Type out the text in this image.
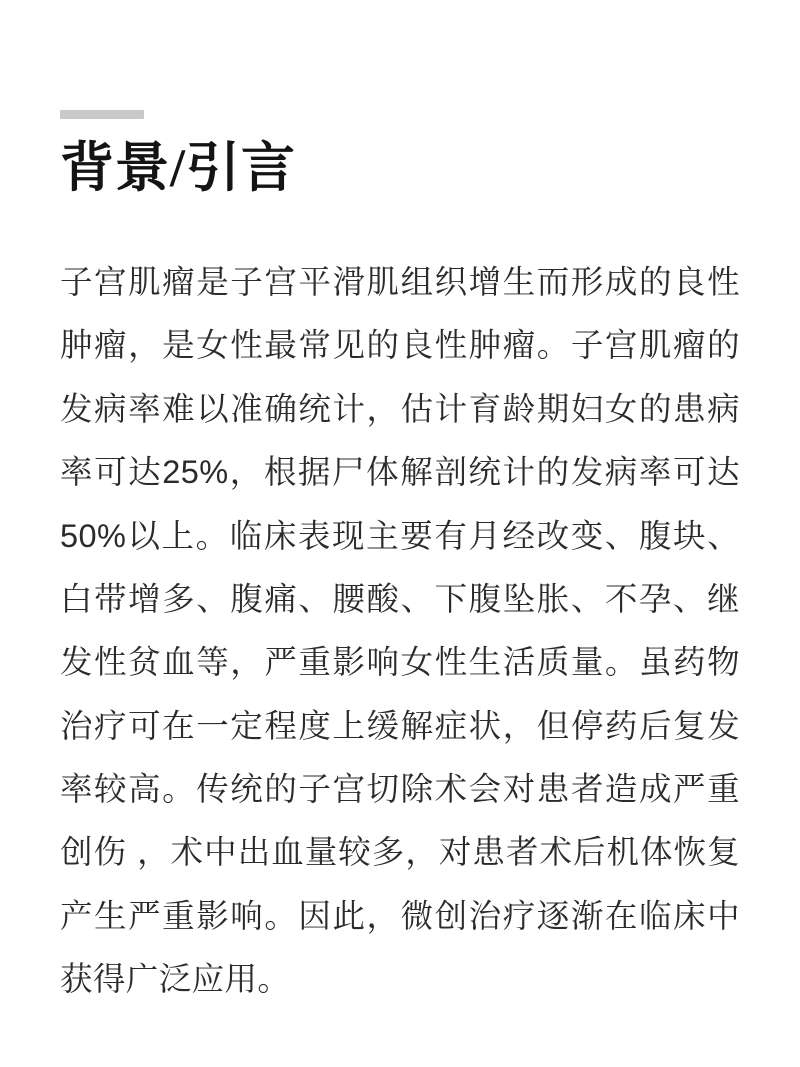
背景/引言

子宫肌瘤是子宫平滑肌组织增生而形成的良性肿瘤，是女性最常见的良性肿瘤。子宫肌瘤的发病率难以准确统计，估计育龄期妇女的患病率可达25%，根据尸体解剖统计的发病率可达50%以上。临床表现主要有月经改变、腹块、白带增多、腹痛、腰酸、下腹坠胀、不孕、继发性贫血等，严重影响女性生活质量。虽药物治疗可在一定程度上缓解症状，但停药后复发率较高。传统的子宫切除术会对患者造成严重创伤 ，术中出血量较多，对患者术后机体恢复产生严重影响。因此，微创治疗逐渐在临床中获得广泛应用。
